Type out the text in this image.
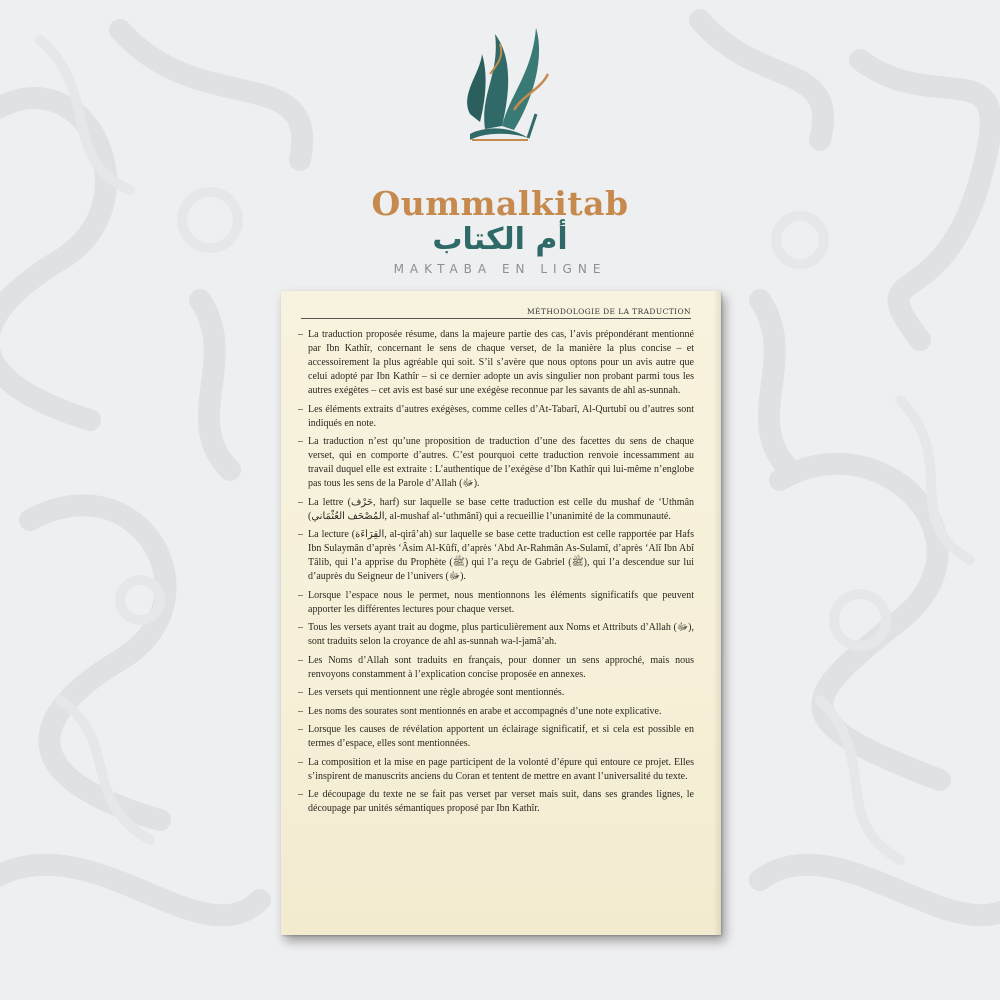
Oummalkitab
أم الكتاب
MAKTABA EN LIGNE
MÉTHODOLOGIE DE LA TRADUCTION
– La traduction proposée résume, dans la majeure partie des cas, l’avis prépondérant mentionné par Ibn Kathîr, concernant le sens de chaque verset, de la manière la plus concise – et accessoirement la plus agréable qui soit. S’il s’avère que nous optons pour un avis autre que celui adopté par Ibn Kathîr – si ce dernier adopte un avis singulier non probant parmi tous les autres exégètes – cet avis est basé sur une exégèse reconnue par les savants de ahl as-sunnah.
– Les éléments extraits d’autres exégèses, comme celles d’At-Tabarî, Al-Qurtubî ou d’autres sont indiqués en note.
– La traduction n’est qu’une proposition de traduction d’une des facettes du sens de chaque verset, qui en comporte d’autres. C’est pourquoi cette traduction renvoie incessamment au travail duquel elle est extraite : L’authentique de l’exégèse d’Ibn Kathîr qui lui-même n’englobe pas tous les sens de la Parole d’Allah (ﷻ).
– La lettre (حَرْف, harf) sur laquelle se base cette traduction est celle du mushaf de ‘Uthmân (المُصْحَف العُثْمَاني, al-mushaf al-‘uthmânî) qui a recueillie l’unanimité de la communauté.
– La lecture (القِرَاءَة, al-qirâ’ah) sur laquelle se base cette traduction est celle rapportée par Hafs Ibn Sulaymân d’après ‘Âsim Al-Kûfî, d’après ‘Abd Ar-Rahmân As-Sulamî, d’après ‘Alî Ibn Abî Tâlib, qui l’a apprise du Prophète (ﷺ) qui l’a reçu de Gabriel (ﷺ), qui l’a descendue sur lui d’auprès du Seigneur de l’univers (ﷻ).
– Lorsque l’espace nous le permet, nous mentionnons les éléments significatifs que peuvent apporter les différentes lectures pour chaque verset.
– Tous les versets ayant trait au dogme, plus particulièrement aux Noms et Attributs d’Allah (ﷻ), sont traduits selon la croyance de ahl as-sunnah wa-l-jamâ’ah.
– Les Noms d’Allah sont traduits en français, pour donner un sens approché, mais nous renvoyons constamment à l’explication concise proposée en annexes.
– Les versets qui mentionnent une règle abrogée sont mentionnés.
– Les noms des sourates sont mentionnés en arabe et accompagnés d’une note explicative.
– Lorsque les causes de révélation apportent un éclairage significatif, et si cela est possible en termes d’espace, elles sont mentionnées.
– La composition et la mise en page participent de la volonté d’épure qui entoure ce projet. Elles s’inspirent de manuscrits anciens du Coran et tentent de mettre en avant l’universalité du texte.
– Le découpage du texte ne se fait pas verset par verset mais suit, dans ses grandes lignes, le découpage par unités sémantiques proposé par Ibn Kathîr.
